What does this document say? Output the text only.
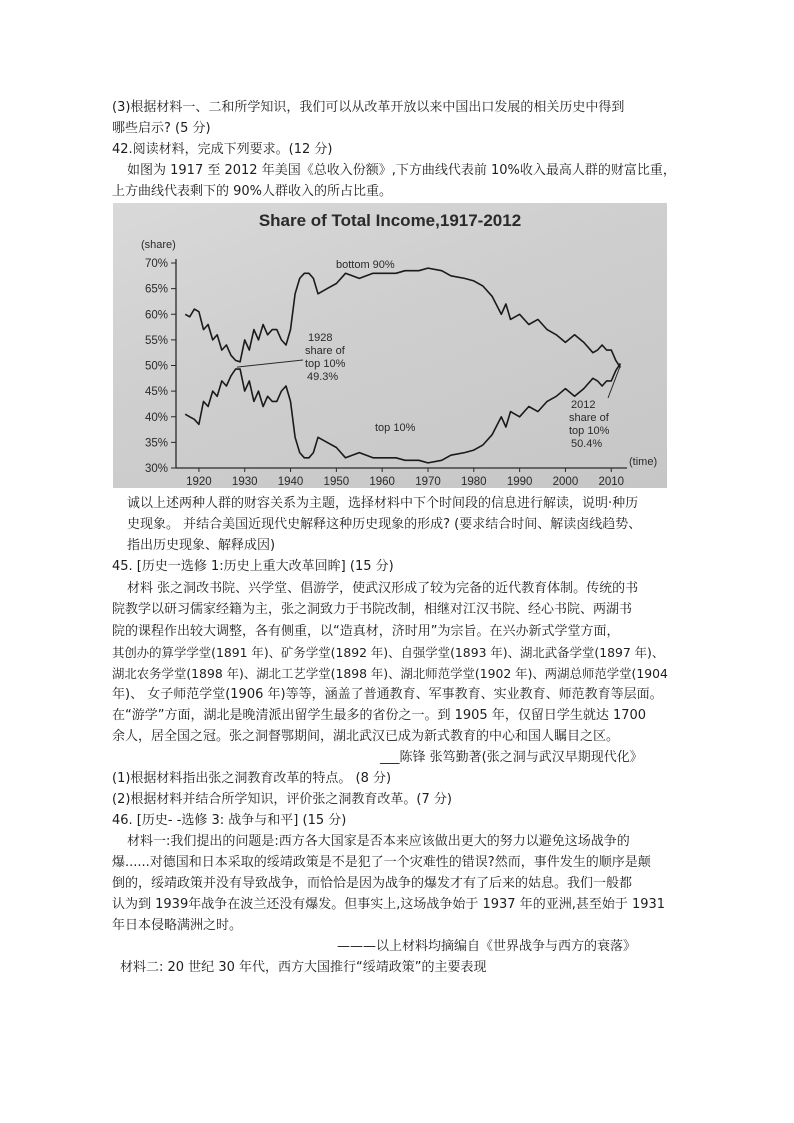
(3)根据材料一、二和所学知识，我们可以从改革开放以来中国出口发展的相关历史中得到
哪些启示? (5 分)
42.阅读材料，完成下列要求。(12 分)
如图为 1917 至 2012 年美国《总收入份额》,下方曲线代表前 10%收入最高人群的财富比重，
上方曲线代表剩下的 90%人群收入的所占比重。
Share of Total Income,1917-2012
(share)
(time)
70%
65%
60%
55%
50%
45%
40%
35%
30%
1920 1930 1940 1950 1960 1970 1980 1990 2000 2010
bottom 90%
1928
share of
top 10%
49.3%
top 10%
2012
share of
top 10%
50.4%
诚以上述两种人群的财容关系为主题，选择材料中下个时间段的信息进行解读，说明·种历
史现象。 并结合美国近现代史解释这种历史现象的形成? (要求结合时间、解读卤线趋势、
指出历史现象、解释成因)
45. [历史一选修 1:历史上重大改革回眸] (15 分)
材料 张之洞改书院、兴学堂、倡游学，使武汉形成了较为完备的近代教育体制。传统的书
院教学以研习儒家经籍为主，张之洞致力于书院改制，相继对江汉书院、经心书院、两湖书
院的课程作出较大调整，各有侧重，以“造真材，济时用”为宗旨。在兴办新式学堂方面，
其创办的算学学堂(1891 年)、矿务学堂(1892 年)、自强学堂(1893 年)、湖北武备学堂(1897 年)、
湖北农务学堂(1898 年)、湖北工艺学堂(1898 年)、湖北师范学堂(1902 年)、两湖总师范学堂(1904
年)、 女子师范学堂(1906 年)等等，涵盖了普通教育、军事教育、实业教育、师范教育等层面。
在“游学”方面，湖北是晚清派出留学生最多的省份之一。到 1905 年，仅留日学生就达 1700
余人，居全国之冠。张之洞督鄂期间，湖北武汉已成为新式教育的中心和国人瞩目之区。
___陈锋 张笃勤著(张之洞与武汉早期现代化》
(1)根据材料指出张之洞教育改革的特点。 (8 分)
(2)根据材料并结合所学知识，评价张之洞教育改革。(7 分)
46. [历史- -选修 3: 战争与和平] (15 分)
材料一:我们提出的问题是:西方各大国家是否本来应该做出更大的努力以避免这场战争的
爆......对德国和日本采取的绥靖政策是不是犯了一个灾难性的错误?然而，事件发生的顺序是颠
倒的，绥靖政策并没有导致战争，而恰恰是因为战争的爆发才有了后来的姑息。我们一般都
认为到 1939年战争在波兰还没有爆发。但事实上,这场战争始于 1937 年的亚洲,甚至始于 1931
年日本侵略满洲之时。
———以上材料均摘编自《世界战争与西方的衰落》
材料二: 20 世纪 30 年代，西方大国推行“绥靖政策”的主要表现
